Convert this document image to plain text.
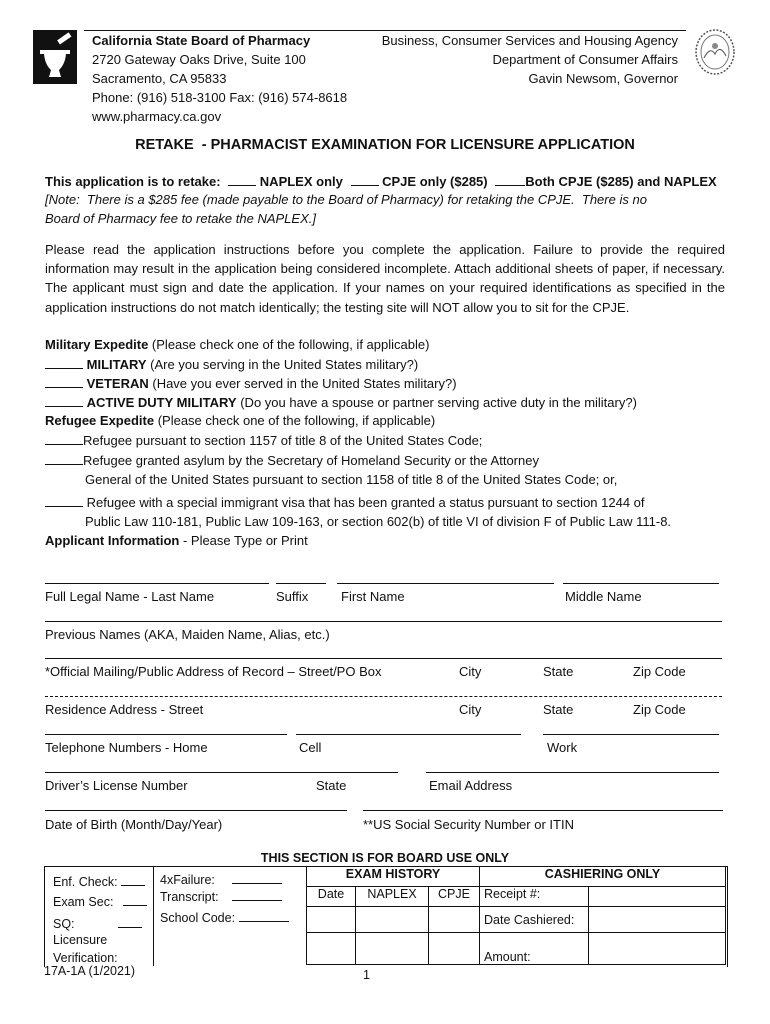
California State Board of Pharmacy
2720 Gateway Oaks Drive, Suite 100
Sacramento, CA 95833
Phone: (916) 518-3100 Fax: (916) 574-8618
www.pharmacy.ca.gov
Business, Consumer Services and Housing Agency
Department of Consumer Affairs
Gavin Newsom, Governor
RETAKE  - PHARMACIST EXAMINATION FOR LICENSURE APPLICATION
This application is to retake:	NAPLEX only	CPJE only ($285)	Both CPJE ($285) and NAPLEX
[Note:  There is a $285 fee (made payable to the Board of Pharmacy) for retaking the CPJE.  There is no
Board of Pharmacy fee to retake the NAPLEX.]
Please read the application instructions before you complete the application. Failure to provide the required information may result in the application being considered incomplete. Attach additional sheets of paper, if necessary. The applicant must sign and date the application. If your names on your required identifications as specified in the application instructions do not match identically; the testing site will NOT allow you to sit for the CPJE.
Military Expedite (Please check one of the following, if applicable)
MILITARY (Are you serving in the United States military?)
VETERAN (Have you ever served in the United States military?)
ACTIVE DUTY MILITARY (Do you have a spouse or partner serving active duty in the military?)
Refugee Expedite (Please check one of the following, if applicable)
Refugee pursuant to section 1157 of title 8 of the United States Code;
Refugee granted asylum by the Secretary of Homeland Security or the Attorney
General of the United States pursuant to section 1158 of title 8 of the United States Code; or,
Refugee with a special immigrant visa that has been granted a status pursuant to section 1244 of
Public Law 110-181, Public Law 109-163, or section 602(b) of title VI of division F of Public Law 111-8.
Applicant Information - Please Type or Print
Full Legal Name - Last Name	Suffix	First Name	Middle Name
Previous Names (AKA, Maiden Name, Alias, etc.)
*Official Mailing/Public Address of Record – Street/PO Box	City	State	Zip Code
Residence Address - Street	City	State	Zip Code
Telephone Numbers - Home	Cell	Work
Driver’s License Number	State	Email Address
Date of Birth (Month/Day/Year)	**US Social Security Number or ITIN
THIS SECTION IS FOR BOARD USE ONLY
Enf. Check:
Exam Sec:
SQ:
Licensure
Verification:
4xFailure:
Transcript:
School Code:
EXAM HISTORY			CASHIERING ONLY	
Date	NAPLEX	CPJE	Receipt #:	
			Date Cashiered:	
			Amount:	
17A-1A (1/2021)	1
